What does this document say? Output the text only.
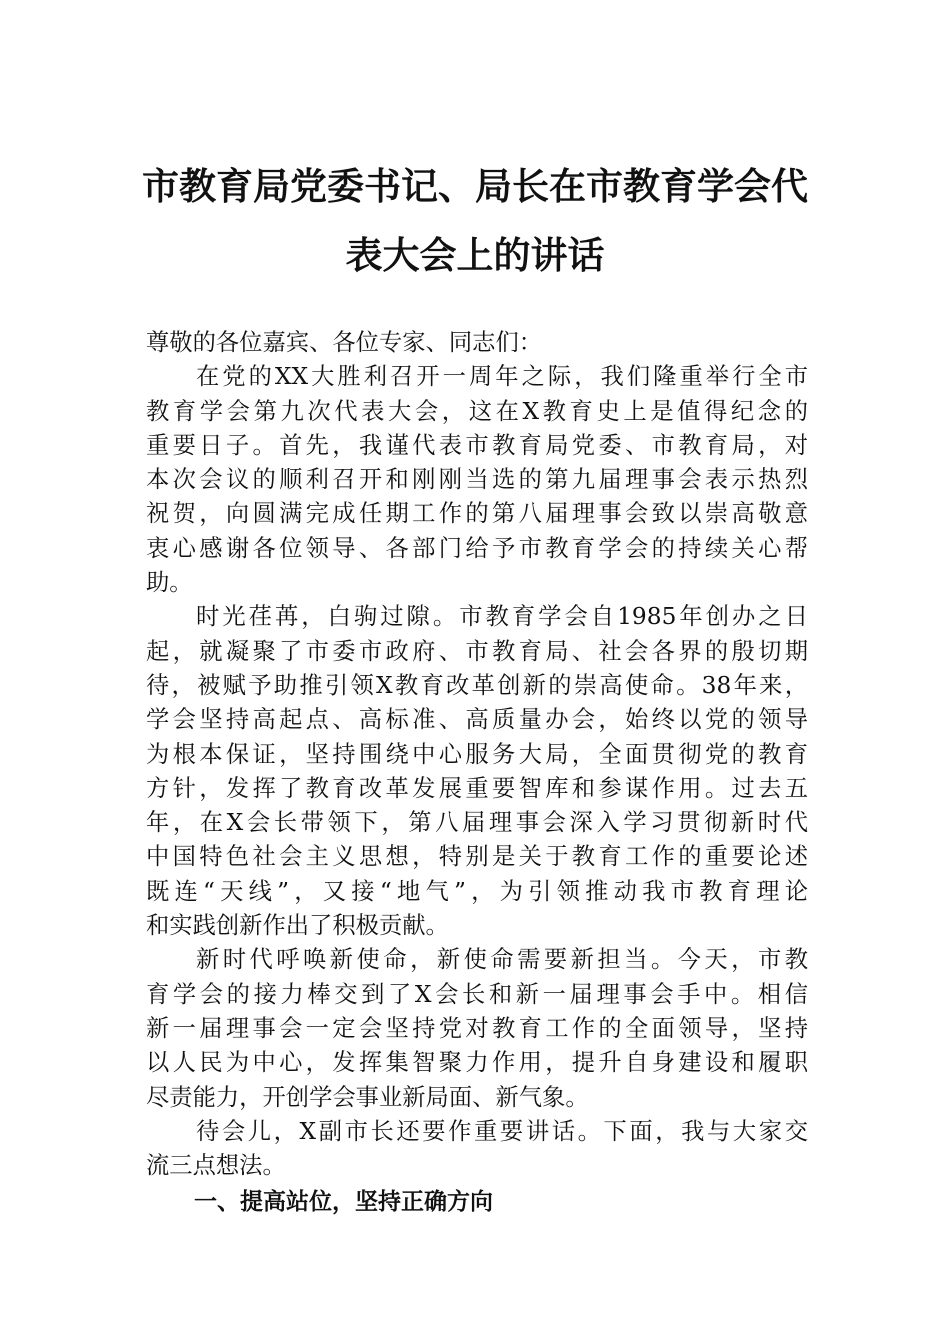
市教育局党委书记、局长在市教育学会代
表大会上的讲话
尊敬的各位嘉宾、各位专家、同志们：
在党的XX大胜利召开一周年之际，我们隆重举行全市
教育学会第九次代表大会，这在X教育史上是值得纪念的
重要日子。首先，我谨代表市教育局党委、市教育局，对
本次会议的顺利召开和刚刚当选的第九届理事会表示热烈
祝贺，向圆满完成任期工作的第八届理事会致以崇高敬意
衷心感谢各位领导、各部门给予市教育学会的持续关心帮
助。
时光荏苒，白驹过隙。市教育学会自1985年创办之日
起，就凝聚了市委市政府、市教育局、社会各界的殷切期
待，被赋予助推引领X教育改革创新的崇高使命。38年来，
学会坚持高起点、高标准、高质量办会，始终以党的领导
为根本保证，坚持围绕中心服务大局，全面贯彻党的教育
方针，发挥了教育改革发展重要智库和参谋作用。过去五
年，在X会长带领下，第八届理事会深入学习贯彻新时代
中国特色社会主义思想，特别是关于教育工作的重要论述
既连“天线”，又接“地气”，为引领推动我市教育理论
和实践创新作出了积极贡献。
新时代呼唤新使命，新使命需要新担当。今天，市教
育学会的接力棒交到了X会长和新一届理事会手中。相信
新一届理事会一定会坚持党对教育工作的全面领导，坚持
以人民为中心，发挥集智聚力作用，提升自身建设和履职
尽责能力，开创学会事业新局面、新气象。
待会儿，X副市长还要作重要讲话。下面，我与大家交
流三点想法。
一、提高站位，坚持正确方向
